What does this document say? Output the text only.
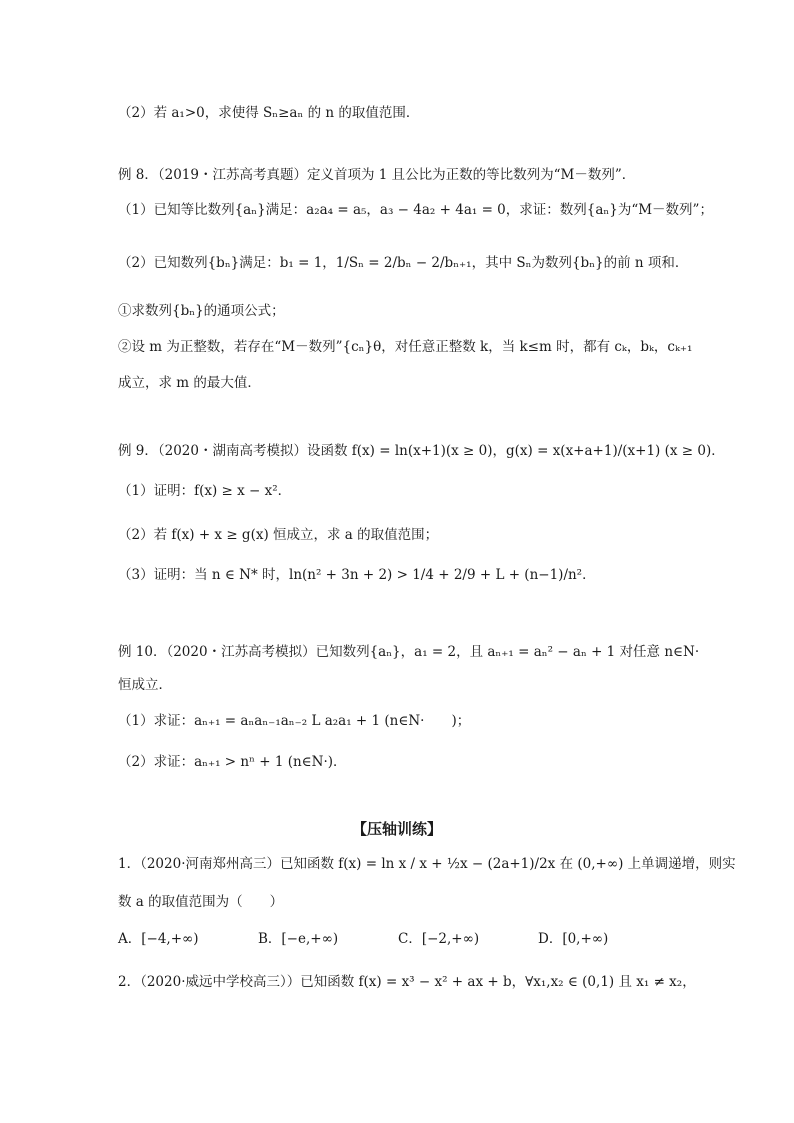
（2）若 a₁>0，求使得 Sₙ≥aₙ 的 n 的取值范围．
例 8．（2019・江苏高考真题）定义首项为 1 且公比为正数的等比数列为“M－数列”．
（1）已知等比数列{aₙ}满足：a₂a₄ = a₅，a₃ − 4a₂ + 4a₁ = 0，求证：数列{aₙ}为“M－数列”；
（2）已知数列{bₙ}满足：b₁ = 1，1/Sₙ = 2/bₙ − 2/bₙ₊₁，其中 Sₙ为数列{bₙ}的前 n 项和．
①求数列{bₙ}的通项公式；
②设 m 为正整数，若存在“M－数列”{cₙ}θ，对任意正整数 k，当 k≤m 时，都有 cₖ，bₖ，cₖ₊₁
成立，求 m 的最大值．
例 9．（2020・湖南高考模拟）设函数 f(x) = ln(x+1)(x ≥ 0)，g(x) = x(x+a+1)/(x+1) (x ≥ 0)．
（1）证明：f(x) ≥ x − x²．
（2）若 f(x) + x ≥ g(x) 恒成立，求 a 的取值范围；
（3）证明：当 n ∈ N* 时，ln(n² + 3n + 2) > 1/4 + 2/9 + L + (n−1)/n²．
例 10．（2020・江苏高考模拟）已知数列{aₙ}，a₁ = 2，且 aₙ₊₁ = aₙ² − aₙ + 1 对任意 n∈N·
恒成立．
（1）求证：aₙ₊₁ = aₙaₙ₋₁aₙ₋₂ L a₂a₁ + 1 (n∈N·　　)；
（2）求证：aₙ₊₁ > nⁿ + 1 (n∈N·)．
【压轴训练】
1．（2020·河南郑州高三）已知函数 f(x) = ln x / x + ½x − (2a+1)/2x 在 (0,+∞) 上单调递增，则实
数 a 的取值范围为（　　）
A．[−4,+∞)	B．[−e,+∞)	C．[−2,+∞)	D．[0,+∞)
2．（2020·威远中学校高三））已知函数 f(x) = x³ − x² + ax + b，∀x₁,x₂ ∈ (0,1) 且 x₁ ≠ x₂，
